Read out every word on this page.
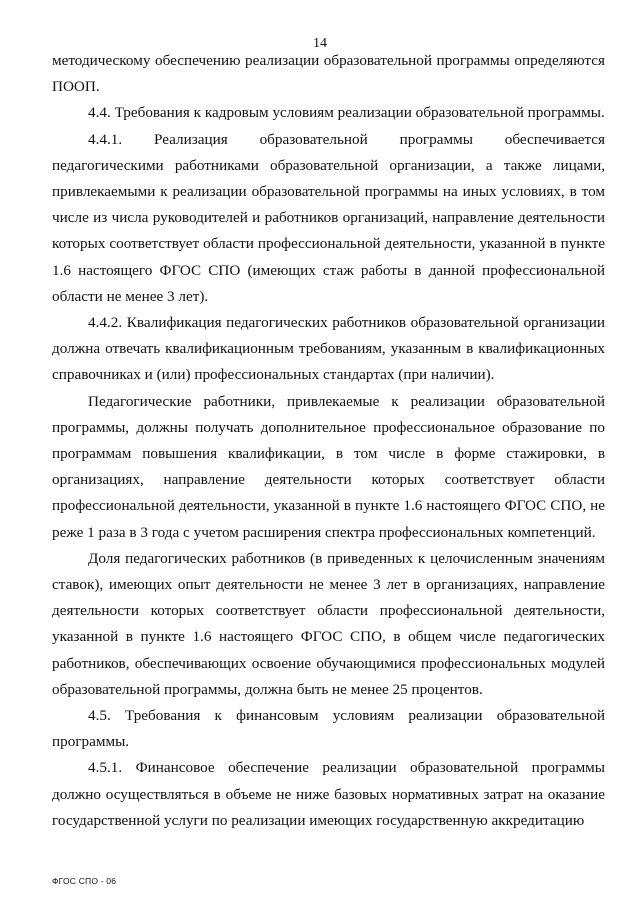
14

методическому обеспечению реализации образовательной программы определяются ПООП.

4.4. Требования к кадровым условиям реализации образовательной программы.

4.4.1. Реализация образовательной программы обеспечивается педагогическими работниками образовательной организации, а также лицами, привлекаемыми к реализации образовательной программы на иных условиях, в том числе из числа руководителей и работников организаций, направление деятельности которых соответствует области профессиональной деятельности, указанной в пункте 1.6 настоящего ФГОС СПО (имеющих стаж работы в данной профессиональной области не менее 3 лет).

4.4.2. Квалификация педагогических работников образовательной организации должна отвечать квалификационным требованиям, указанным в квалификационных справочниках и (или) профессиональных стандартах (при наличии).

Педагогические работники, привлекаемые к реализации образовательной программы, должны получать дополнительное профессиональное образование по программам повышения квалификации, в том числе в форме стажировки, в организациях, направление деятельности которых соответствует области профессиональной деятельности, указанной в пункте 1.6 настоящего ФГОС СПО, не реже 1 раза в 3 года с учетом расширения спектра профессиональных компетенций.

Доля педагогических работников (в приведенных к целочисленным значениям ставок), имеющих опыт деятельности не менее 3 лет в организациях, направление деятельности которых соответствует области профессиональной деятельности, указанной в пункте 1.6 настоящего ФГОС СПО, в общем числе педагогических работников, обеспечивающих освоение обучающимися профессиональных модулей образовательной программы, должна быть не менее 25 процентов.

4.5. Требования к финансовым условиям реализации образовательной программы.

4.5.1. Финансовое обеспечение реализации образовательной программы должно осуществляться в объеме не ниже базовых нормативных затрат на оказание государственной услуги по реализации имеющих государственную аккредитацию

ФГОС СПО - 06
